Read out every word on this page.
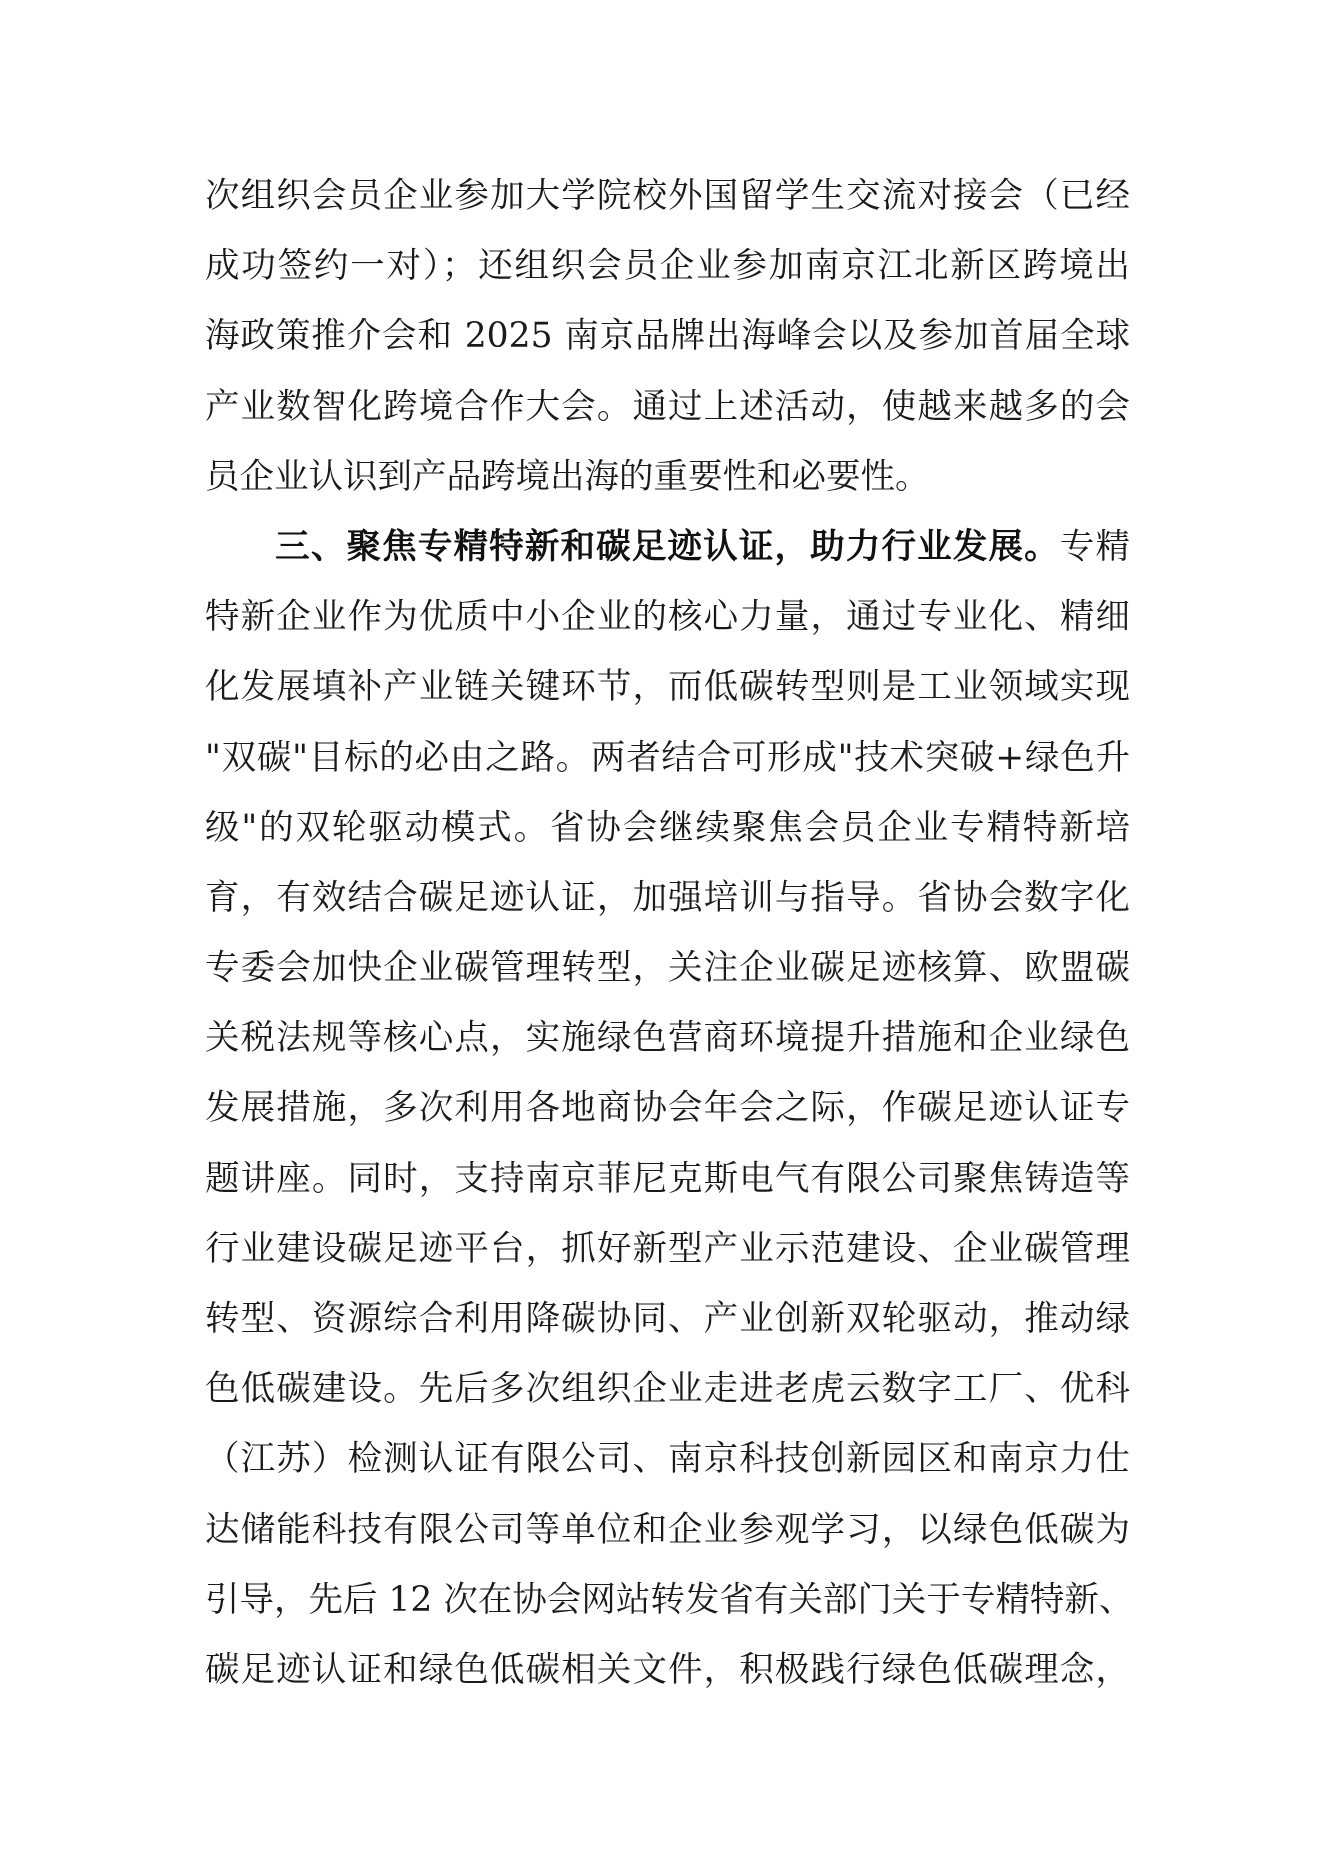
次组织会员企业参加大学院校外国留学生交流对接会（已经
成功签约一对）；还组织会员企业参加南京江北新区跨境出
海政策推介会和 2025 南京品牌出海峰会以及参加首届全球
产业数智化跨境合作大会。通过上述活动，使越来越多的会
员企业认识到产品跨境出海的重要性和必要性。
三、聚焦专精特新和碳足迹认证，助力行业发展。专精
特新企业作为优质中小企业的核心力量，通过专业化、精细
化发展填补产业链关键环节，而低碳转型则是工业领域实现
"双碳"目标的必由之路。两者结合可形成"技术突破+绿色升
级"的双轮驱动模式。省协会继续聚焦会员企业专精特新培
育，有效结合碳足迹认证，加强培训与指导。省协会数字化
专委会加快企业碳管理转型，关注企业碳足迹核算、欧盟碳
关税法规等核心点，实施绿色营商环境提升措施和企业绿色
发展措施，多次利用各地商协会年会之际，作碳足迹认证专
题讲座。同时，支持南京菲尼克斯电气有限公司聚焦铸造等
行业建设碳足迹平台，抓好新型产业示范建设、企业碳管理
转型、资源综合利用降碳协同、产业创新双轮驱动，推动绿
色低碳建设。先后多次组织企业走进老虎云数字工厂、优科
（江苏）检测认证有限公司、南京科技创新园区和南京力仕
达储能科技有限公司等单位和企业参观学习，以绿色低碳为
引导，先后 12 次在协会网站转发省有关部门关于专精特新、
碳足迹认证和绿色低碳相关文件，积极践行绿色低碳理念，
